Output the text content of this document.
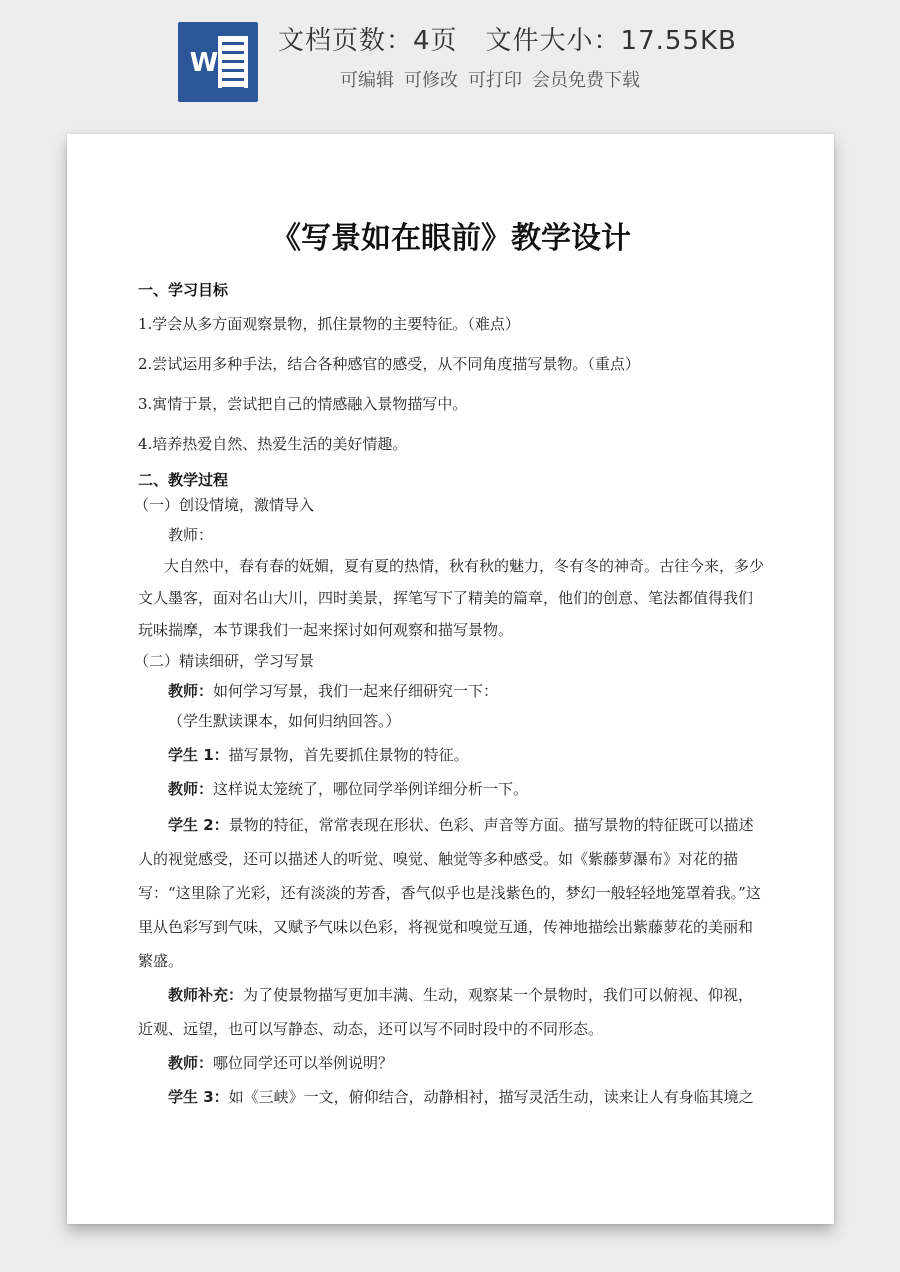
W
文档页数：4页 文件大小：17.55KB
可编辑 可修改 可打印 会员免费下载
《写景如在眼前》教学设计
一、学习目标

1.学会从多方面观察景物，抓住景物的主要特征。（难点）

2.尝试运用多种手法，结合各种感官的感受，从不同角度描写景物。（重点）

3.寓情于景，尝试把自己的情感融入景物描写中。

4.培养热爱自然、热爱生活的美好情趣。

二、教学过程

（一）创设情境，激情导入

教师：

大自然中，春有春的妩媚，夏有夏的热情，秋有秋的魅力，冬有冬的神奇。古往今来，多少文人墨客，面对名山大川，四时美景，挥笔写下了精美的篇章，他们的创意、笔法都值得我们玩味揣摩，本节课我们一起来探讨如何观察和描写景物。

（二）精读细研，学习写景

教师：如何学习写景，我们一起来仔细研究一下：

（学生默读课本，如何归纳回答。）

学生 1：描写景物，首先要抓住景物的特征。

教师：这样说太笼统了，哪位同学举例详细分析一下。

学生 2：景物的特征，常常表现在形状、色彩、声音等方面。描写景物的特征既可以描述人的视觉感受，还可以描述人的听觉、嗅觉、触觉等多种感受。如《紫藤萝瀑布》对花的描写：“这里除了光彩，还有淡淡的芳香，香气似乎也是浅紫色的，梦幻一般轻轻地笼罩着我。”这里从色彩写到气味，又赋予气味以色彩，将视觉和嗅觉互通，传神地描绘出紫藤萝花的美丽和繁盛。

教师补充：为了使景物描写更加丰满、生动，观察某一个景物时，我们可以俯视、仰视，近观、远望，也可以写静态、动态，还可以写不同时段中的不同形态。

教师：哪位同学还可以举例说明？

学生 3：如《三峡》一文，俯仰结合，动静相衬，描写灵活生动，读来让人有身临其境之
